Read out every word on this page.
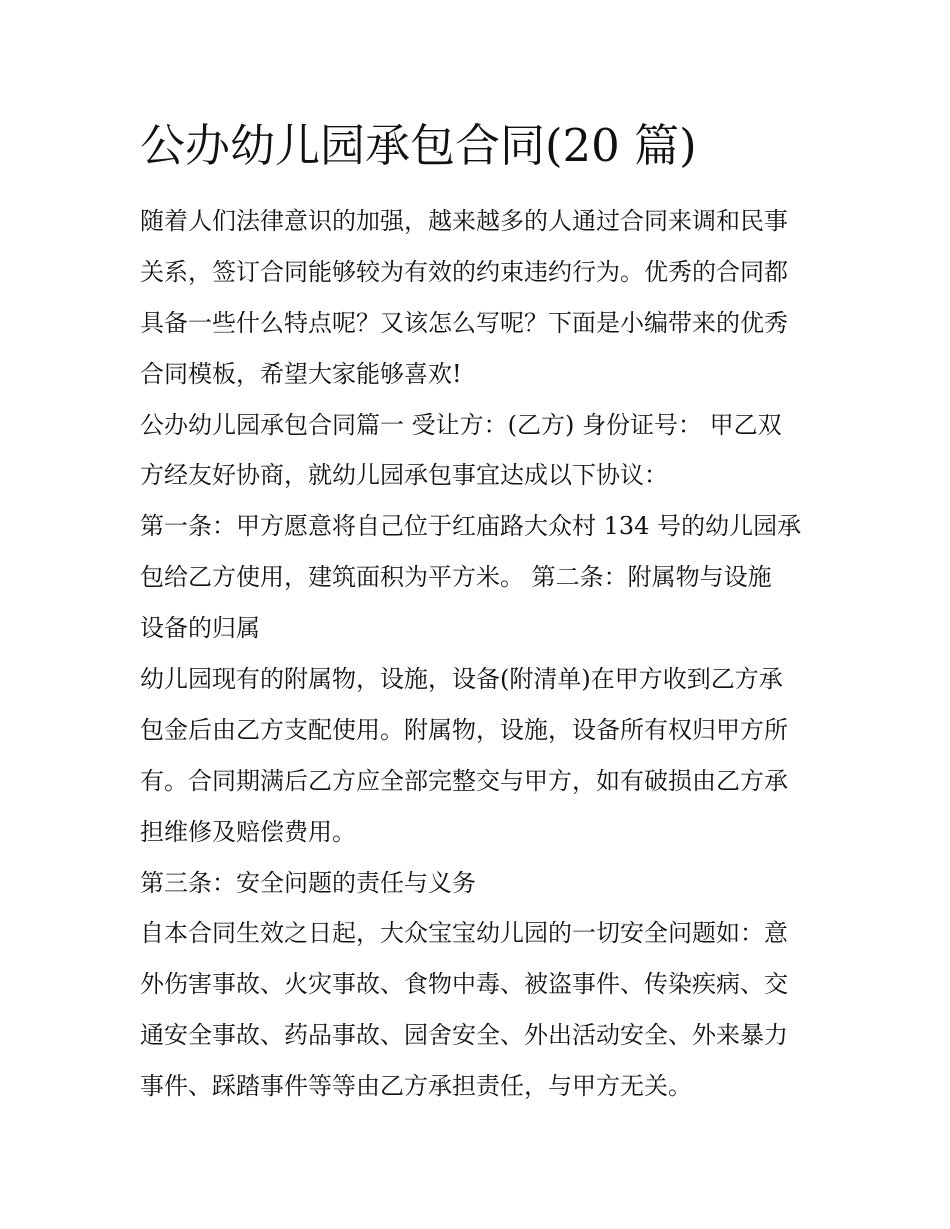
公办幼儿园承包合同(20 篇)
随着人们法律意识的加强，越来越多的人通过合同来调和民事
关系，签订合同能够较为有效的约束违约行为。优秀的合同都
具备一些什么特点呢？又该怎么写呢？下面是小编带来的优秀
合同模板，希望大家能够喜欢!
公办幼儿园承包合同篇一 受让方：(乙方) 身份证号： 甲乙双
方经友好协商，就幼儿园承包事宜达成以下协议：
第一条：甲方愿意将自己位于红庙路大众村 134 号的幼儿园承
包给乙方使用，建筑面积为平方米。 第二条：附属物与设施
设备的归属
幼儿园现有的附属物，设施，设备(附清单)在甲方收到乙方承
包金后由乙方支配使用。附属物，设施，设备所有权归甲方所
有。合同期满后乙方应全部完整交与甲方，如有破损由乙方承
担维修及赔偿费用。
第三条：安全问题的责任与义务
自本合同生效之日起，大众宝宝幼儿园的一切安全问题如：意
外伤害事故、火灾事故、食物中毒、被盗事件、传染疾病、交
通安全事故、药品事故、园舍安全、外出活动安全、外来暴力
事件、踩踏事件等等由乙方承担责任，与甲方无关。
